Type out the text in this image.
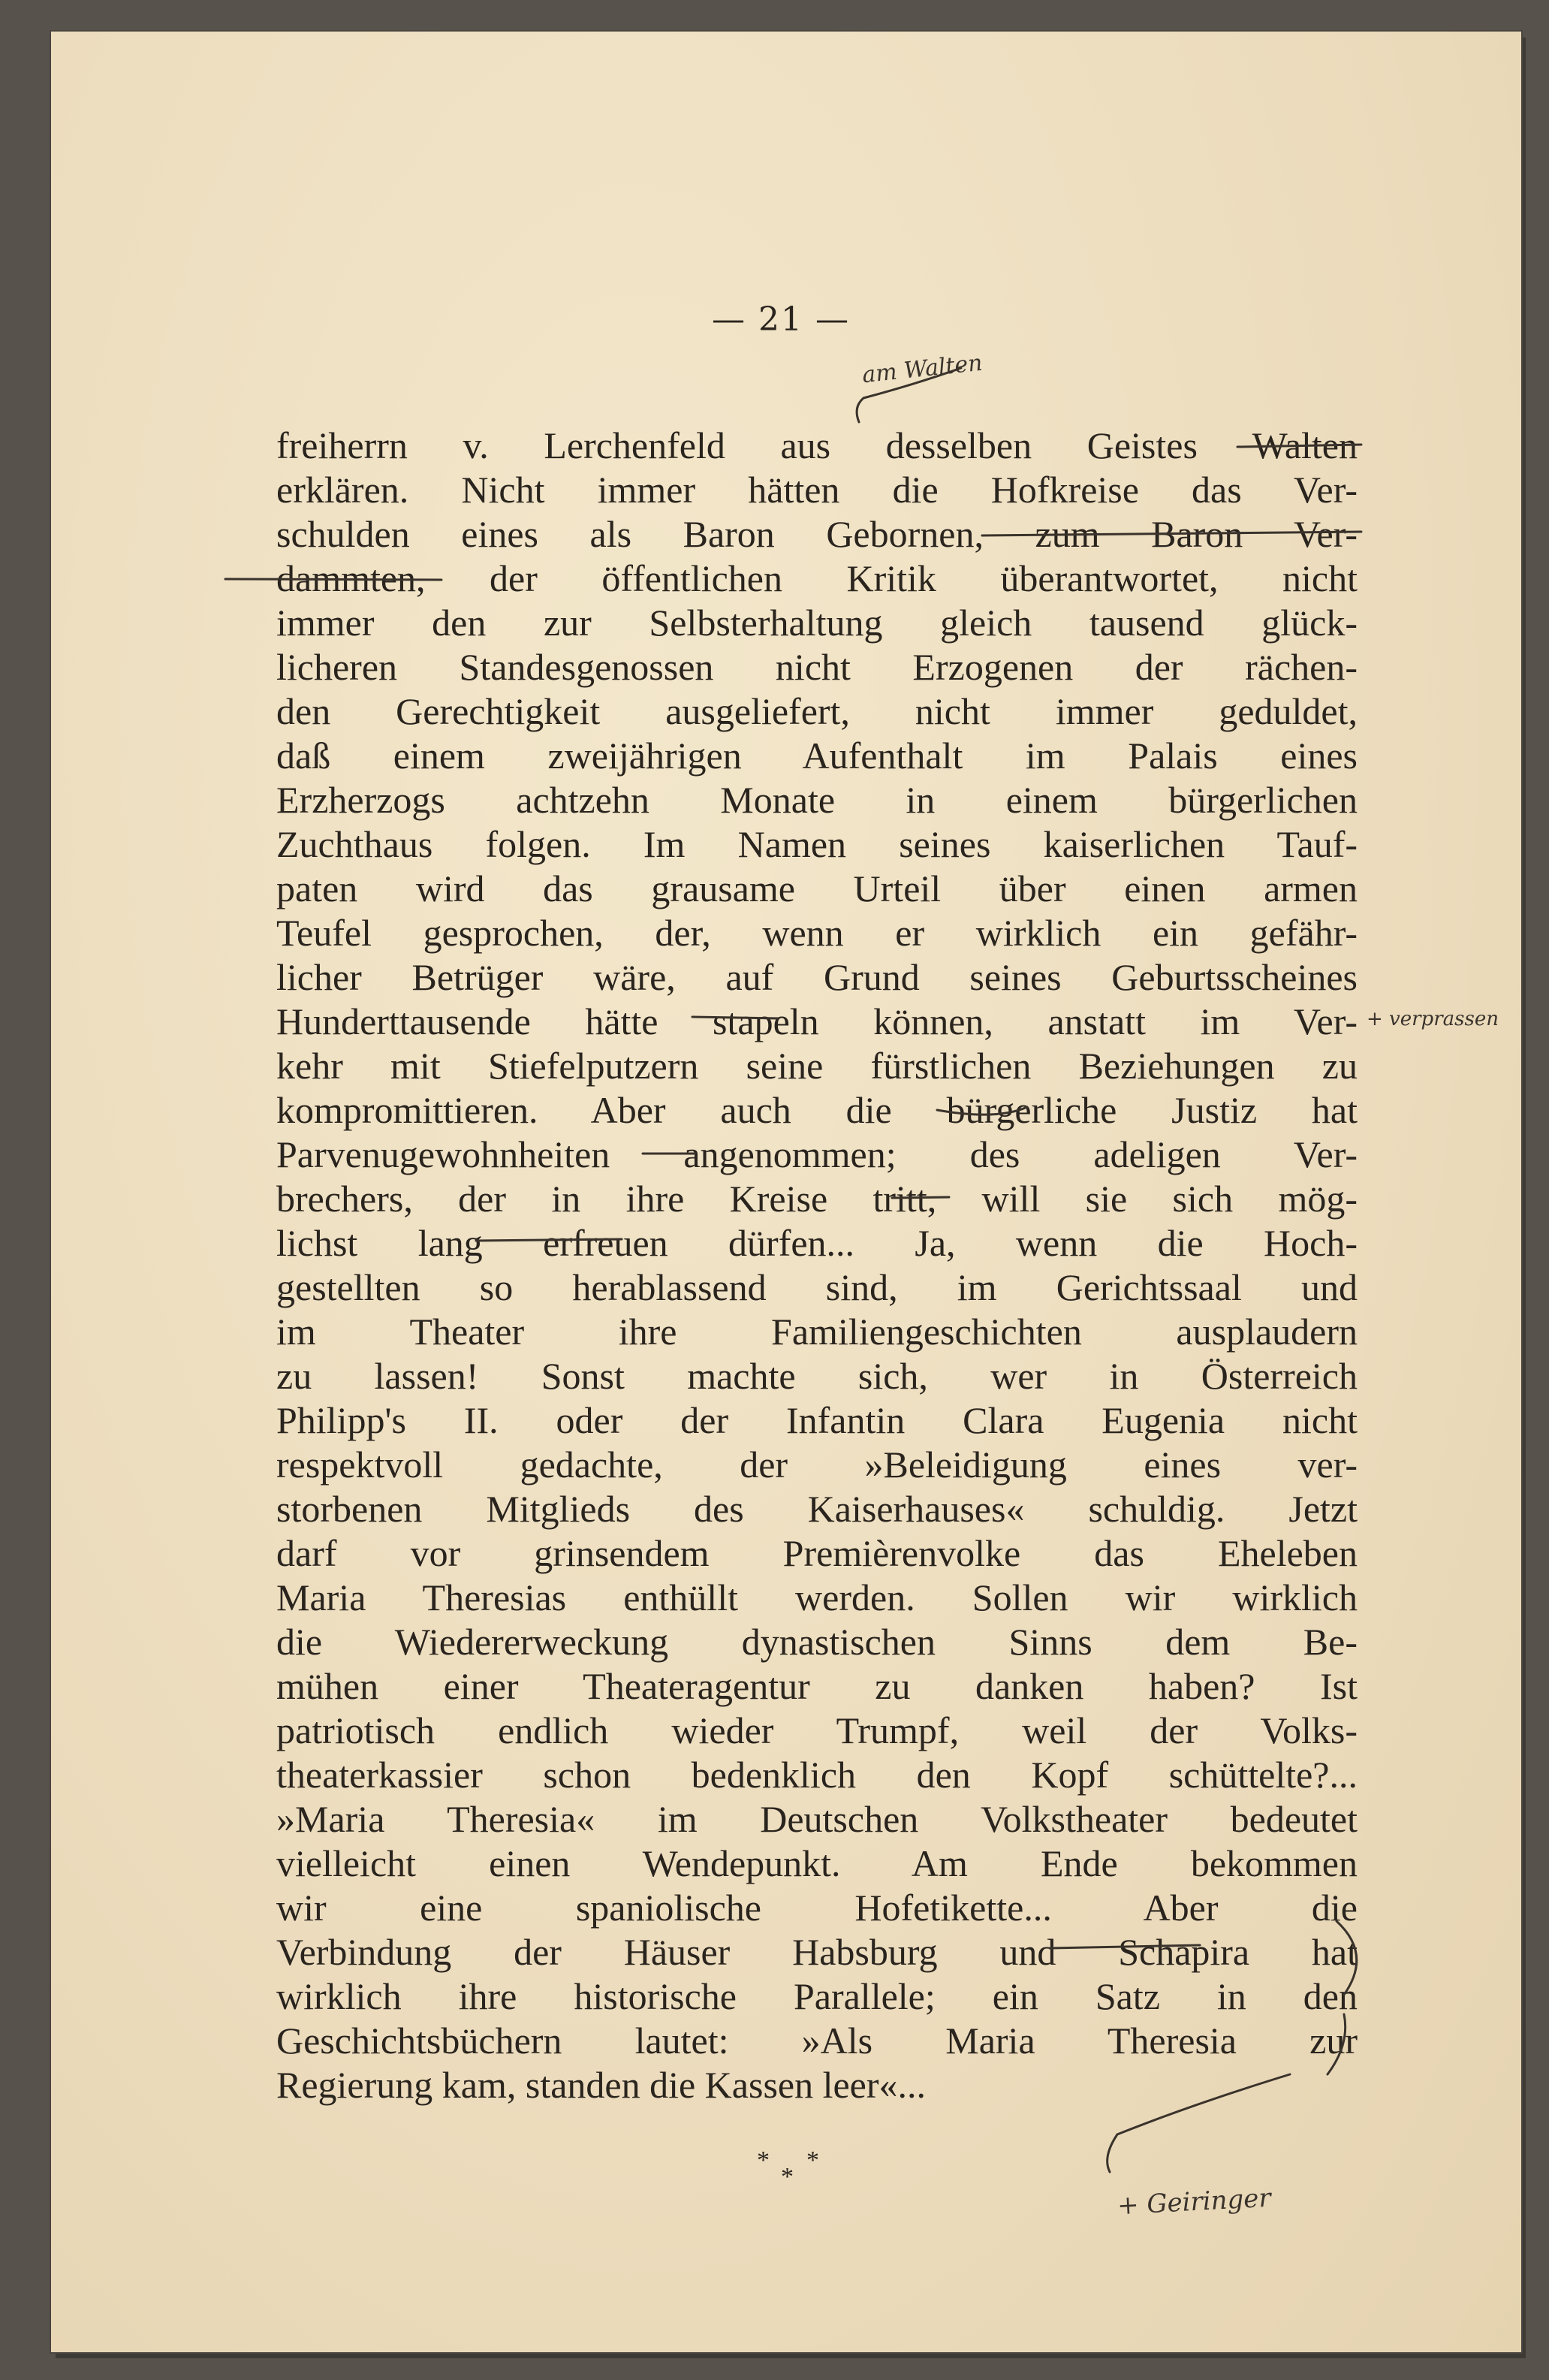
— 21 —
freiherrn v. Lerchenfeld aus desselben Geistes Walten
erklären. Nicht immer hätten die Hofkreise das Ver-
schulden eines als Baron Gebornen, zum Baron Ver-
dammten, der öffentlichen Kritik überantwortet, nicht
immer den zur Selbsterhaltung gleich tausend glück-
licheren Standesgenossen nicht Erzogenen der rächen-
den Gerechtigkeit ausgeliefert, nicht immer geduldet,
daß einem zweijährigen Aufenthalt im Palais eines
Erzherzogs achtzehn Monate in einem bürgerlichen
Zuchthaus folgen. Im Namen seines kaiserlichen Tauf-
paten wird das grausame Urteil über einen armen
Teufel gesprochen, der, wenn er wirklich ein gefähr-
licher Betrüger wäre, auf Grund seines Geburtsscheines
Hunderttausende hätte stapeln können, anstatt im Ver-
kehr mit Stiefelputzern seine fürstlichen Beziehungen zu
kompromittieren. Aber auch die bürgerliche Justiz hat
Parvenugewohnheiten angenommen; des adeligen Ver-
brechers, der in ihre Kreise tritt, will sie sich mög-
lichst lang erfreuen dürfen... Ja, wenn die Hoch-
gestellten so herablassend sind, im Gerichtssaal und
im Theater ihre Familiengeschichten ausplaudern
zu lassen! Sonst machte sich, wer in Österreich
Philipp's II. oder der Infantin Clara Eugenia nicht
respektvoll gedachte, der »Beleidigung eines ver-
storbenen Mitglieds des Kaiserhauses« schuldig. Jetzt
darf vor grinsendem Premièrenvolke das Eheleben
Maria Theresias enthüllt werden. Sollen wir wirklich
die Wiedererweckung dynastischen Sinns dem Be-
mühen einer Theateragentur zu danken haben? Ist
patriotisch endlich wieder Trumpf, weil der Volks-
theaterkassier schon bedenklich den Kopf schüttelte?...
»Maria Theresia« im Deutschen Volkstheater bedeutet
vielleicht einen Wendepunkt. Am Ende bekommen
wir eine spaniolische Hofetikette... Aber die
Verbindung der Häuser Habsburg und Schapira hat
wirklich ihre historische Parallele; ein Satz in den
Geschichtsbüchern lautet: »Als Maria Theresia zur
Regierung kam, standen die Kassen leer«...
* *
*
am Walten
+ verprassen
+ Geiringer
